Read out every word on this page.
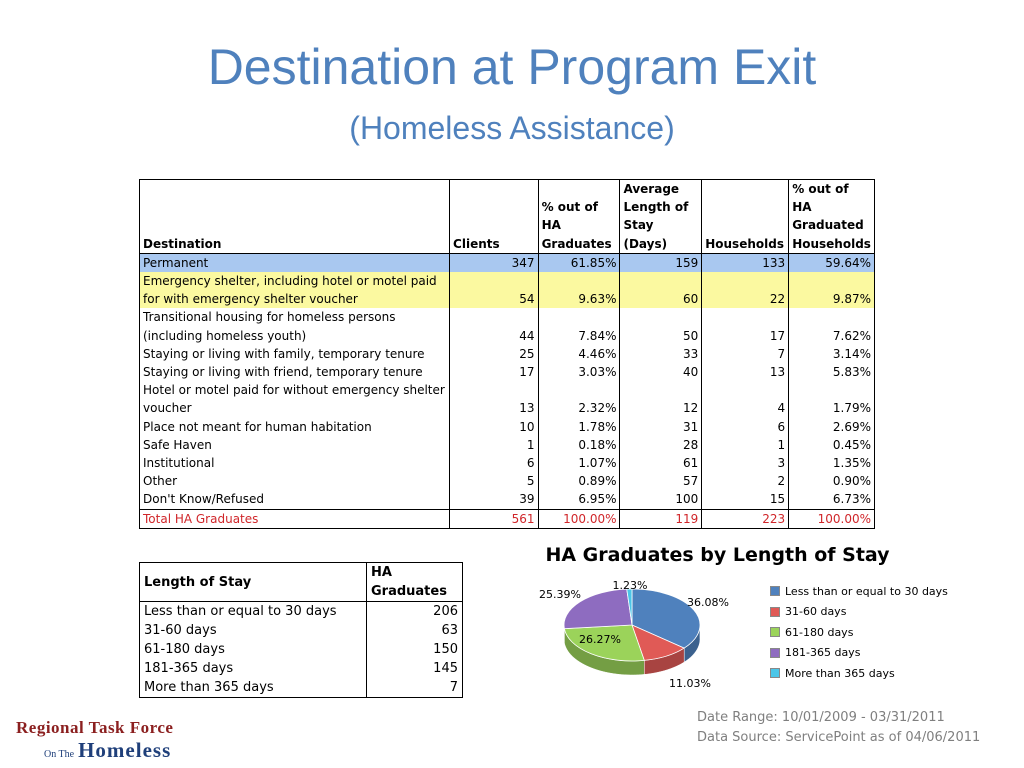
Destination at Program Exit
(Homeless Assistance)
Destination	Clients	% out of HA Graduates	Average Length of Stay (Days)	Households	% out of HA Graduated Households
Permanent	347	61.85%	159	133	59.64%
Emergency shelter, including hotel or motel paid for with emergency shelter voucher	54	9.63%	60	22	9.87%
Transitional housing for homeless persons (including homeless youth)	44	7.84%	50	17	7.62%
Staying or living with family, temporary tenure	25	4.46%	33	7	3.14%
Staying or living with friend, temporary tenure	17	3.03%	40	13	5.83%
Hotel or motel paid for without emergency shelter voucher	13	2.32%	12	4	1.79%
Place not meant for human habitation	10	1.78%	31	6	2.69%
Safe Haven	1	0.18%	28	1	0.45%
Institutional	6	1.07%	61	3	1.35%
Other	5	0.89%	57	2	0.90%
Don't Know/Refused	39	6.95%	100	15	6.73%
Total HA Graduates	561	100.00%	119	223	100.00%
Length of Stay	HA Graduates
Less than or equal to 30 days	206
31-60 days	63
61-180 days	150
181-365 days	145
More than 365 days	7
HA Graduates by Length of Stay
36.08%
11.03%
26.27%
25.39%
1.23%	Less than or equal to 30 days
31-60 days
61-180 days
181-365 days
More than 365 days
Date Range: 10/01/2009 - 03/31/2011
Data Source: ServicePoint as of 04/06/2011
Regional Task Force
On The Homeless
